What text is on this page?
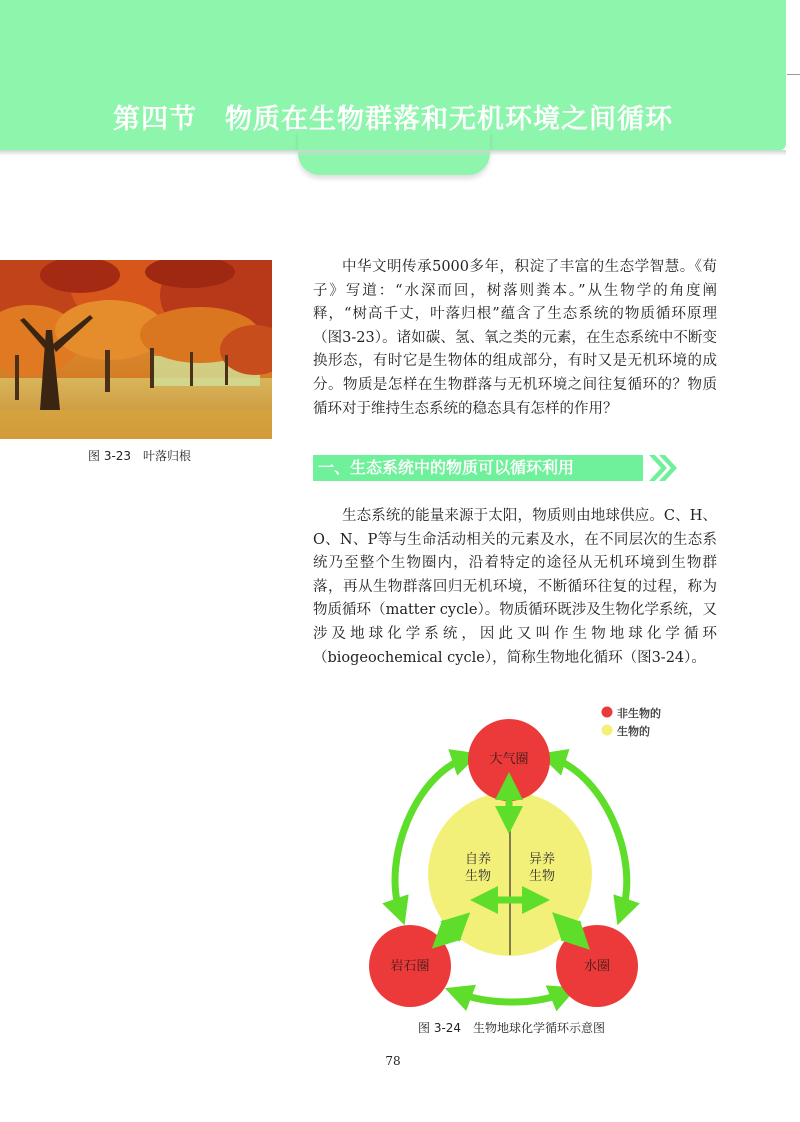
第四节　物质在生物群落和无机环境之间循环
图 3-23　叶落归根

中华文明传承5000多年，积淀了丰富的生态学智慧。《荀子》写道：“水深而回，树落则粪本。”从生物学的角度阐释，“树高千丈，叶落归根”蕴含了生态系统的物质循环原理（图3-23）。诸如碳、氢、氧之类的元素，在生态系统中不断变换形态，有时它是生物体的组成部分，有时又是无机环境的成分。物质是怎样在生物群落与无机环境之间往复循环的？物质循环对于维持生态系统的稳态具有怎样的作用？

一、生态系统中的物质可以循环利用

生态系统的能量来源于太阳，物质则由地球供应。C、H、O、N、P等与生命活动相关的元素及水，在不同层次的生态系统乃至整个生物圈内，沿着特定的途径从无机环境到生物群落，再从生物群落回归无机环境，不断循环往复的过程，称为物质循环（matter cycle）。物质循环既涉及生物化学系统，又涉及地球化学系统，因此又叫作生物地球化学循环（biogeochemical cycle），简称生物地化循环（图3-24）。

非生物的
生物的
大气圈
岩石圈	水圈
自养生物
异养生物
图 3-24　生物地球化学循环示意图
78
